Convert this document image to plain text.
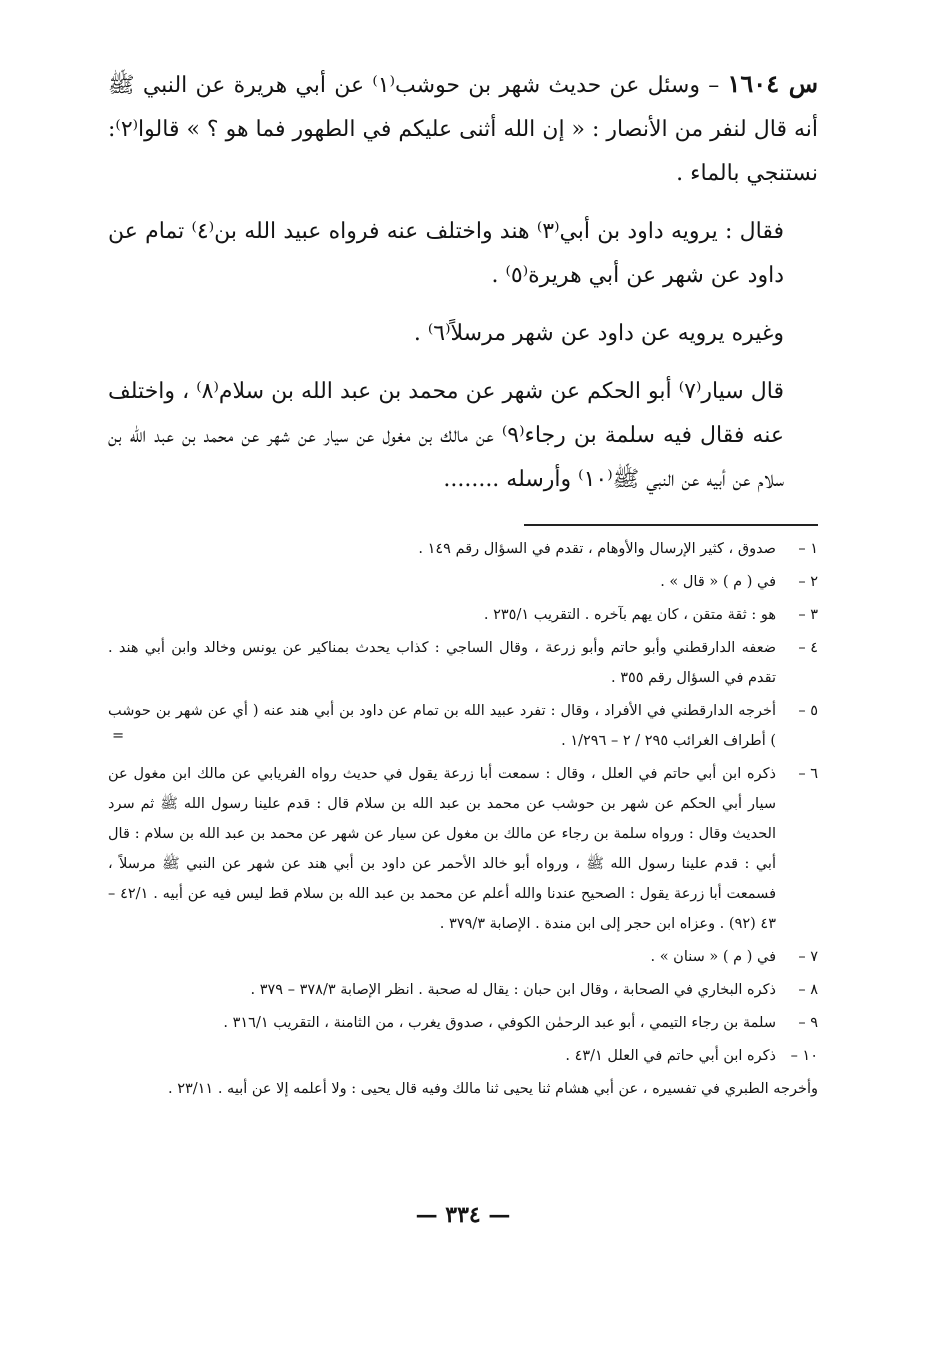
س ١٦٠٤ – وسئل عن حديث شهر بن حوشب⁽١⁾ عن أبي هريرة عن النبي ﷺ أنه قال لنفر من الأنصار : « إن الله أثنى عليكم في الطهور فما هو ؟ » قالوا⁽٢⁾: نستنجي بالماء .

فقال : يرويه داود بن أبي⁽٣⁾ هند واختلف عنه فرواه عبيد الله بن⁽٤⁾ تمام عن داود عن شهر عن أبي هريرة⁽٥⁾ .

وغيره يرويه عن داود عن شهر مرسلاً⁽٦⁾ .

قال سيار⁽٧⁾ أبو الحكم عن شهر عن محمد بن عبد الله بن سلام⁽٨⁾ ، واختلف عنه فقال فيه سلمة بن رجاء⁽٩⁾ عن مالك بن مغول عن سيار عن شهر عن محمد بن عبد الله بن سلام عن أبيه عن النبي ﷺ⁽١٠⁾ وأرسله ........

١ –
صدوق ، كثير الإرسال والأوهام ، تقدم في السؤال رقم ١٤٩ .
٢ –
في ( م ) « قال » .
٣ –
هو : ثقة متقن ، كان يهم بآخره . التقريب ٢٣٥/١ .
٤ –
ضعفه الدارقطني وأبو حاتم وأبو زرعة ، وقال الساجي : كذاب يحدث بمناكير عن يونس وخالد وابن أبي هند . تقدم في السؤال رقم ٣٥٥ .
٥ –
أخرجه الدارقطني في الأفراد ، وقال : تفرد عبيد الله بن تمام عن داود بن أبي هند عنه ( أي عن شهر بن حوشب ) أطراف الغرائب ٢٩٥ / ٢ – ١/٢٩٦ .
٦ –
ذكره ابن أبي حاتم في العلل ، وقال : سمعت أبا زرعة يقول في حديث رواه الفريابي عن مالك ابن مغول عن سيار أبي الحكم عن شهر بن حوشب عن محمد بن عبد الله بن سلام قال : قدم علينا رسول الله ﷺ ثم سرد الحديث وقال : ورواه سلمة بن رجاء عن مالك بن مغول عن سيار عن شهر عن محمد بن عبد الله بن سلام : قال أبي : قدم علينا رسول الله ﷺ ، ورواه أبو خالد الأحمر عن داود بن أبي هند عن شهر عن النبي ﷺ مرسلاً ، فسمعت أبا زرعة يقول : الصحيح عندنا والله أعلم عن محمد بن عبد الله بن سلام قط ليس فيه عن أبيه . ٤٢/١ – ٤٣ (٩٢) . وعزاه ابن حجر إلى ابن مندة . الإصابة ٣٧٩/٣ .
٧ –
في ( م ) « سنان » .
٨ –
ذكره البخاري في الصحابة ، وقال ابن حبان : يقال له صحبة . انظر الإصابة ٣٧٨/٣ – ٣٧٩ .
٩ –
سلمة بن رجاء التيمي ، أبو عبد الرحمٰن الكوفي ، صدوق يغرب ، من الثامنة ، التقريب ٣١٦/١ .
١٠ –
ذكره ابن أبي حاتم في العلل ٤٣/١ .

وأخرجه الطبري في تفسيره ، عن أبي هشام ثنا يحيى ثنا مالك وفيه قال يحيى : ولا أعلمه إلا عن أبيه . ٢٣/١١ .

=
— ٣٣٤ —
